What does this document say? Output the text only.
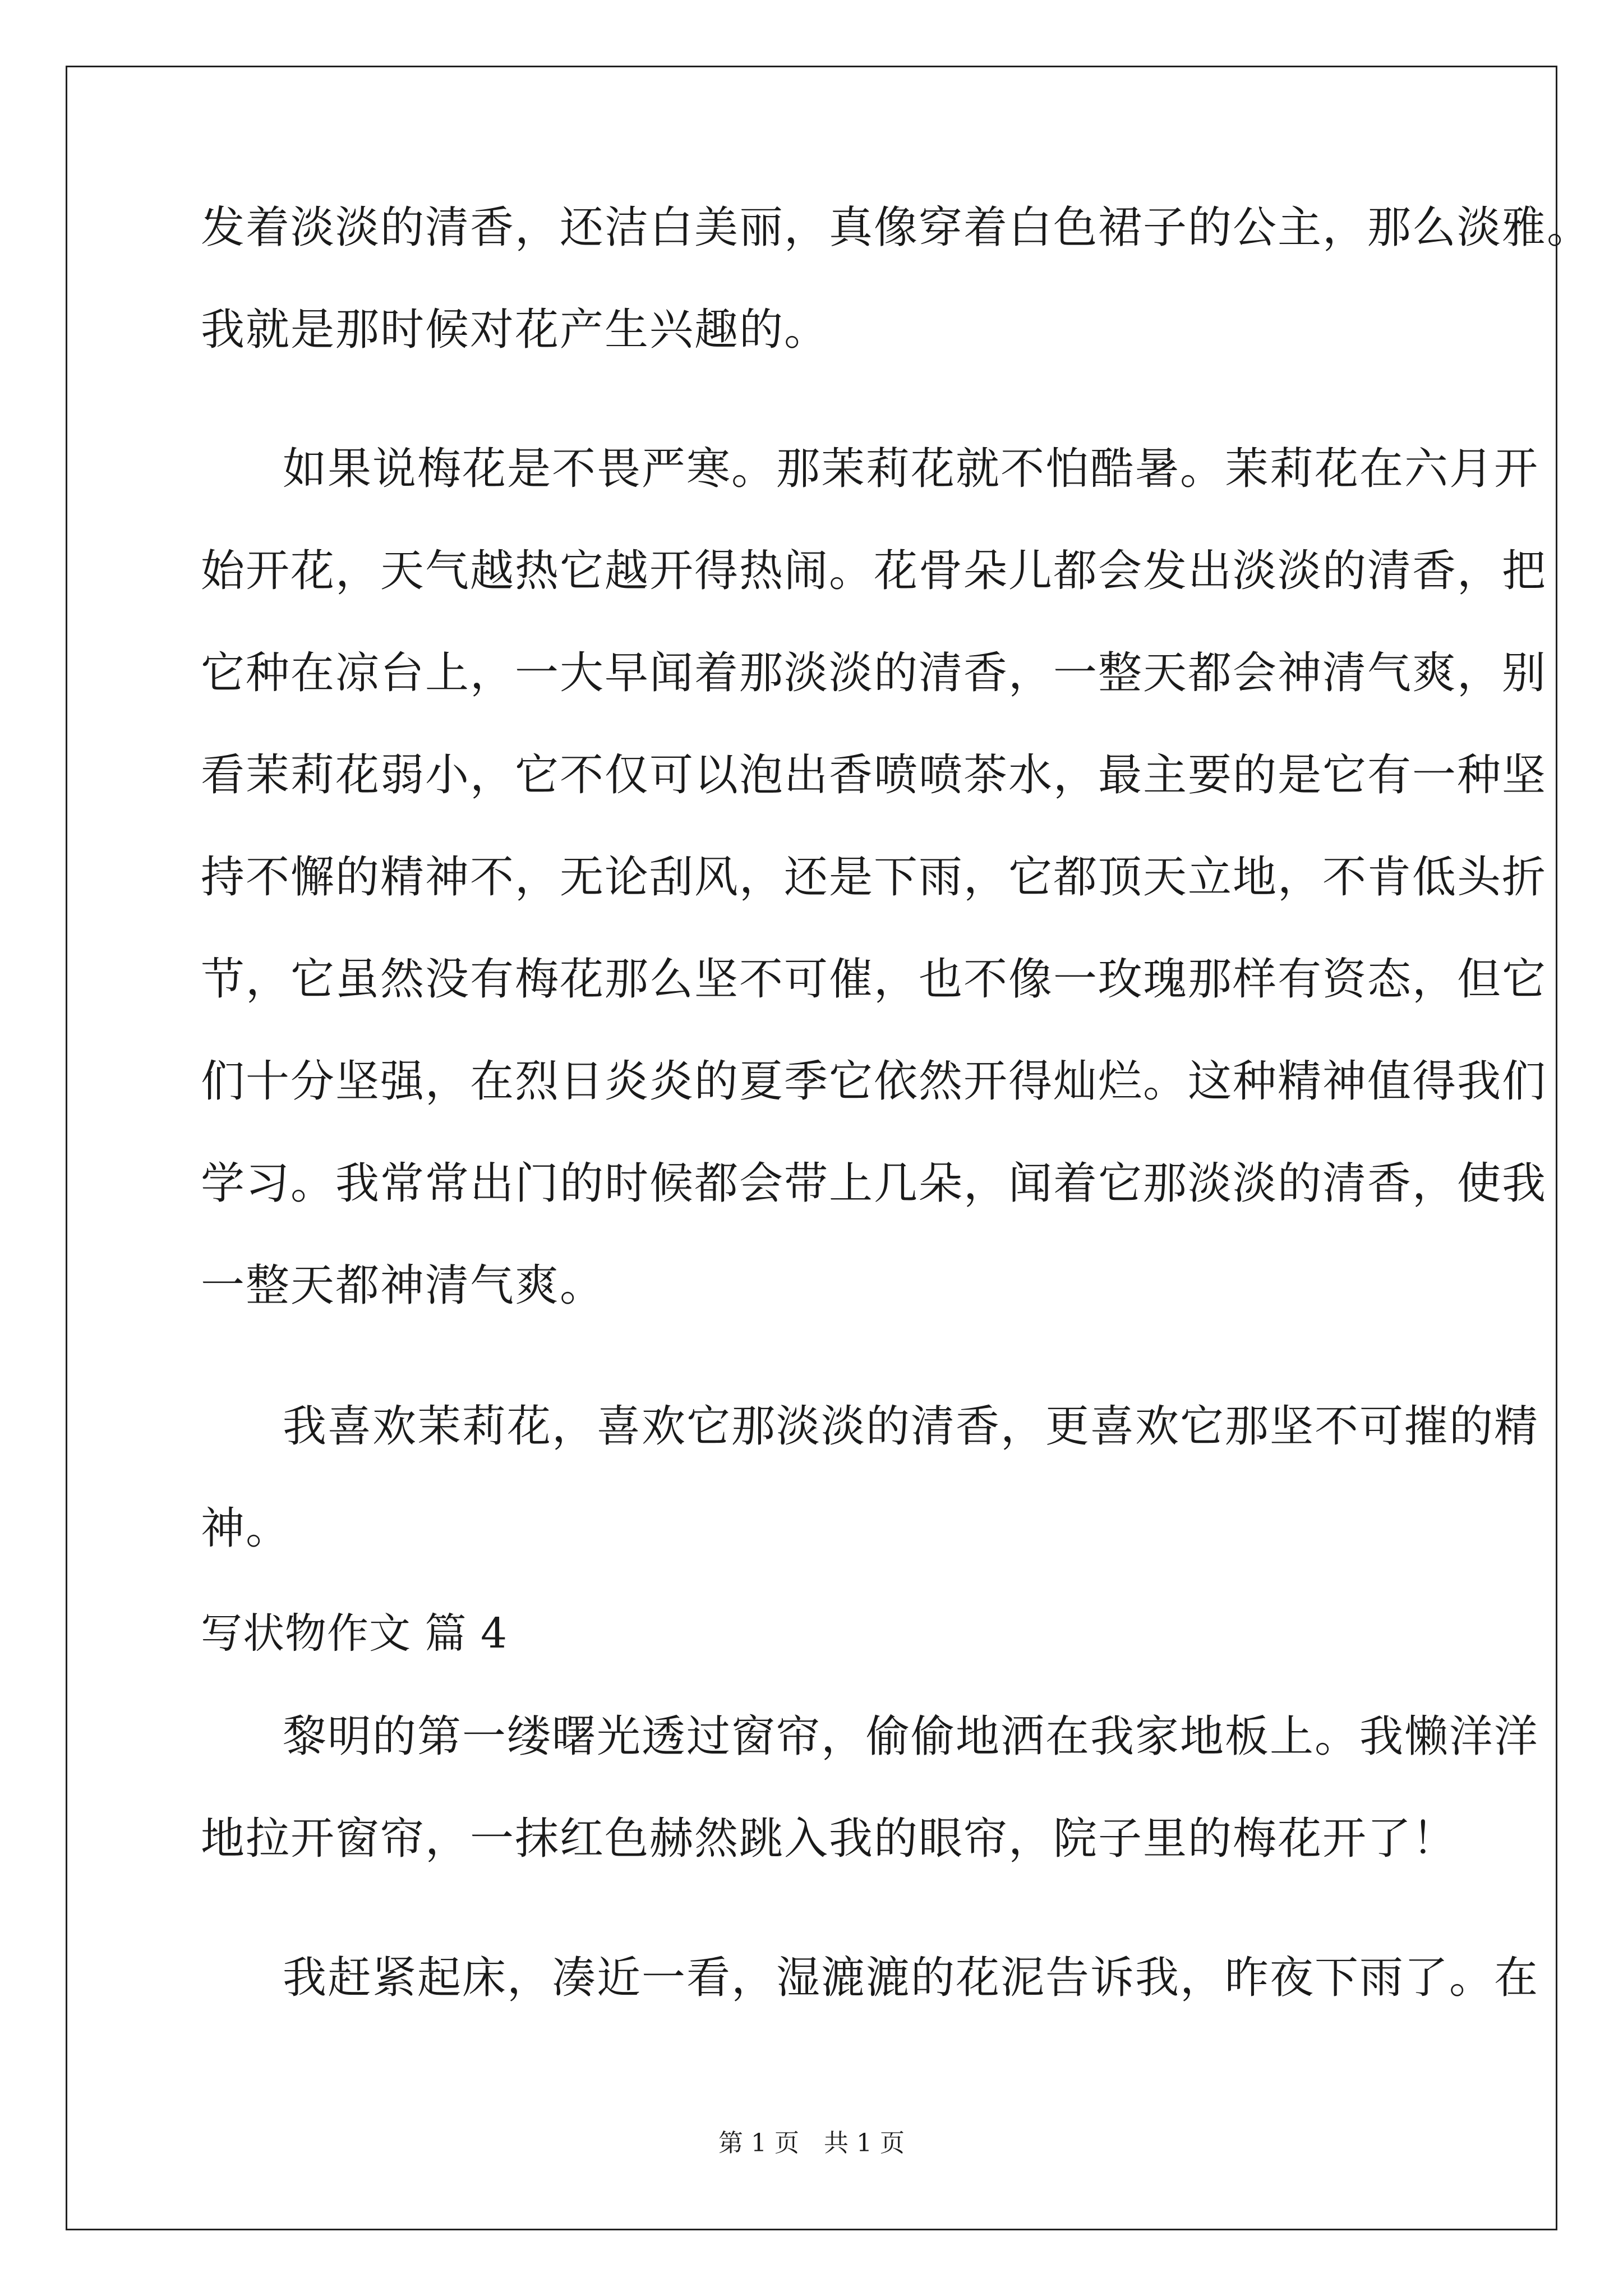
发着淡淡的清香，还洁白美丽，真像穿着白色裙子的公主，那么淡雅。
我就是那时候对花产生兴趣的。
如果说梅花是不畏严寒。那茉莉花就不怕酷暑。茉莉花在六月开
始开花，天气越热它越开得热闹。花骨朵儿都会发出淡淡的清香，把
它种在凉台上，一大早闻着那淡淡的清香，一整天都会神清气爽，别
看茉莉花弱小，它不仅可以泡出香喷喷茶水，最主要的是它有一种坚
持不懈的精神不，无论刮风，还是下雨，它都顶天立地，不肯低头折
节，它虽然没有梅花那么坚不可催，也不像一玫瑰那样有资态，但它
们十分坚强，在烈日炎炎的夏季它依然开得灿烂。这种精神值得我们
学习。我常常出门的时候都会带上几朵，闻着它那淡淡的清香，使我
一整天都神清气爽。
我喜欢茉莉花，喜欢它那淡淡的清香，更喜欢它那坚不可摧的精
神。
写状物作文 篇 4
黎明的第一缕曙光透过窗帘，偷偷地洒在我家地板上。我懒洋洋
地拉开窗帘，一抹红色赫然跳入我的眼帘，院子里的梅花开了！
我赶紧起床，凑近一看，湿漉漉的花泥告诉我，昨夜下雨了。在
第 1 页　共 1 页
